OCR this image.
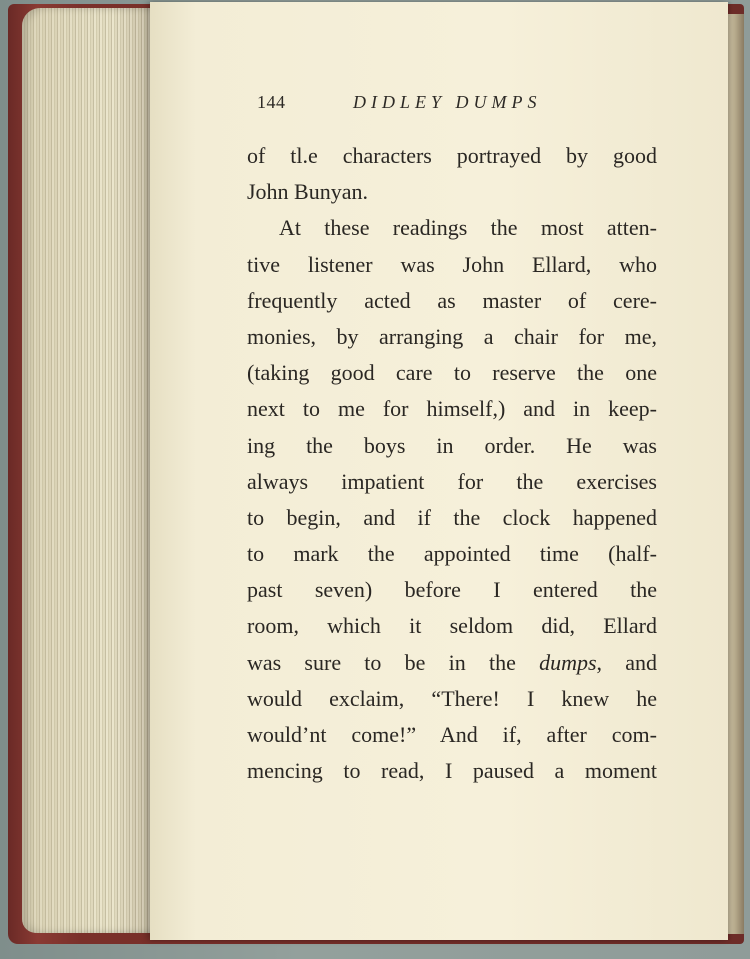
144	DIDLEY DUMPS
of tl.e characters portrayed by good
John Bunyan.
At these readings the most atten-
tive listener was John Ellard, who
frequently acted as master of cere-
monies, by arranging a chair for me,
(taking good care to reserve the one
next to me for himself,) and in keep-
ing the boys in order. He was
always impatient for the exercises
to begin, and if the clock happened
to mark the appointed time (half-
past seven) before I entered the
room, which it seldom did, Ellard
was sure to be in the dumps, and
would exclaim, “There! I knew he
would’nt come!” And if, after com-
mencing to read, I paused a moment
